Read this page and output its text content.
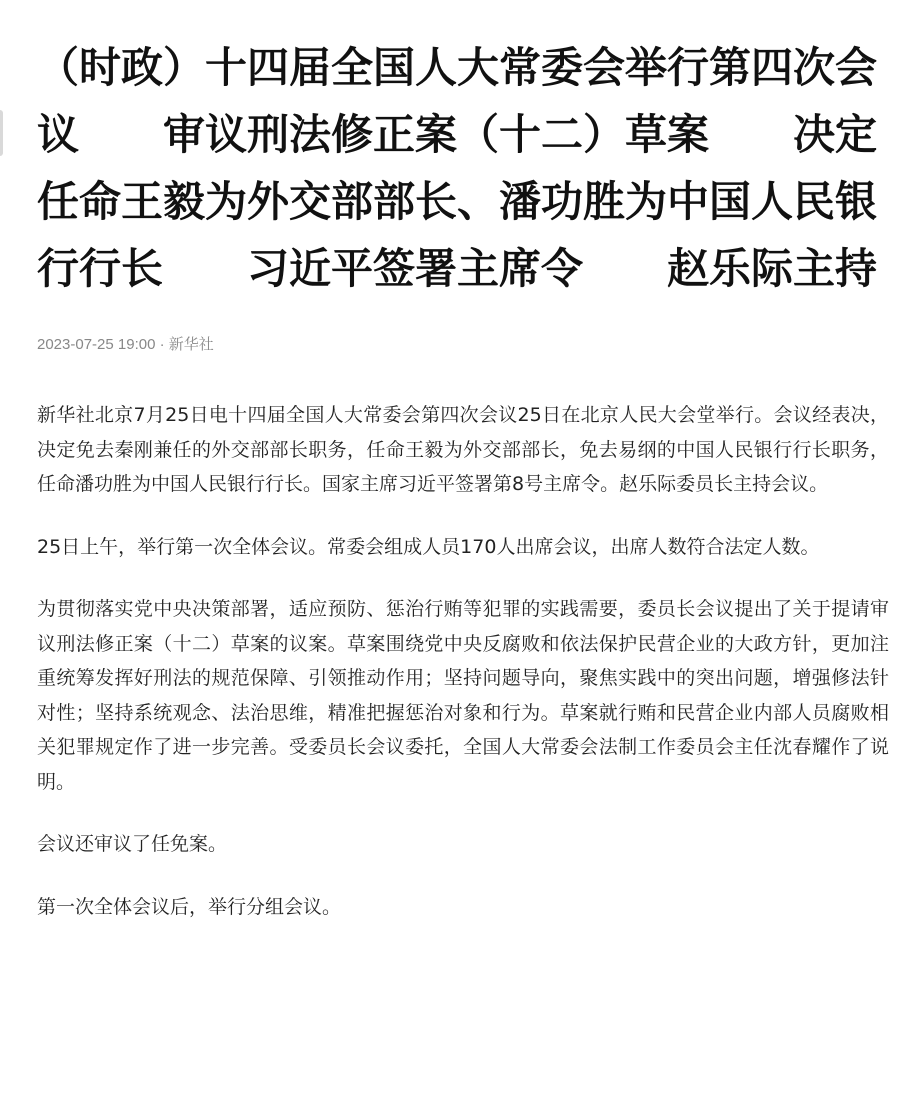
（时政）十四届全国人大常委会举行第四次会议　　审议刑法修正案（十二）草案　　决定任命王毅为外交部部长、潘功胜为中国人民银行行长　　习近平签署主席令　　赵乐际主持
2023-07-25 19:00 · 新华社

新华社北京7月25日电十四届全国人大常委会第四次会议25日在北京人民大会堂举行。会议经表决，决定免去秦刚兼任的外交部部长职务，任命王毅为外交部部长，免去易纲的中国人民银行行长职务，任命潘功胜为中国人民银行行长。国家主席习近平签署第8号主席令。赵乐际委员长主持会议。

25日上午，举行第一次全体会议。常委会组成人员170人出席会议，出席人数符合法定人数。

为贯彻落实党中央决策部署，适应预防、惩治行贿等犯罪的实践需要，委员长会议提出了关于提请审议刑法修正案（十二）草案的议案。草案围绕党中央反腐败和依法保护民营企业的大政方针，更加注重统筹发挥好刑法的规范保障、引领推动作用；坚持问题导向，聚焦实践中的突出问题，增强修法针对性；坚持系统观念、法治思维，精准把握惩治对象和行为。草案就行贿和民营企业内部人员腐败相关犯罪规定作了进一步完善。受委员长会议委托，全国人大常委会法制工作委员会主任沈春耀作了说明。

会议还审议了任免案。

第一次全体会议后，举行分组会议。
